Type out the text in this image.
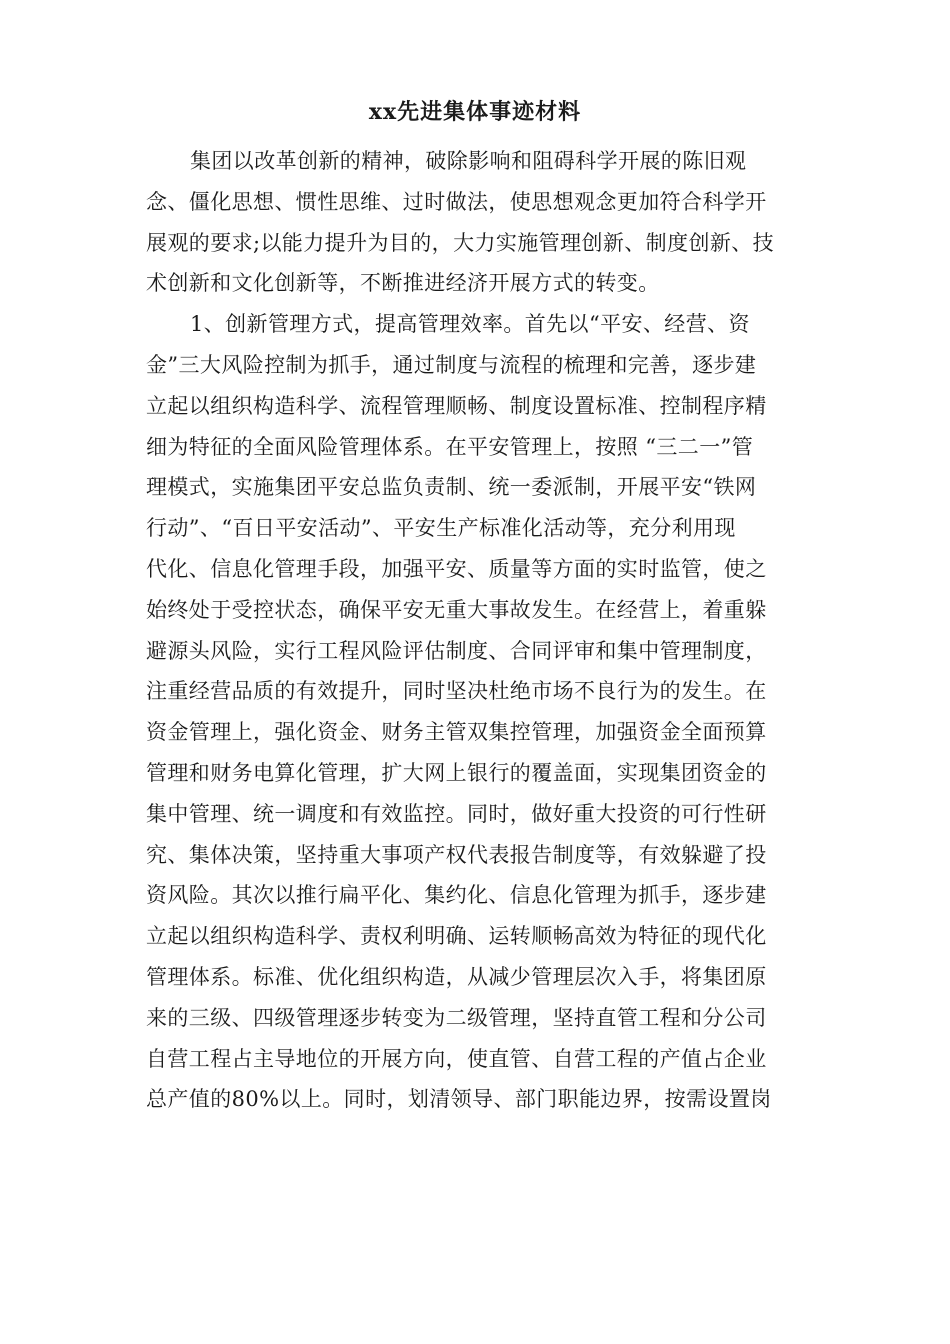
xx先进集体事迹材料
集团以改革创新的精神，破除影响和阻碍科学开展的陈旧观
念、僵化思想、惯性思维、过时做法，使思想观念更加符合科学开
展观的要求;以能力提升为目的，大力实施管理创新、制度创新、技
术创新和文化创新等，不断推进经济开展方式的转变。
1、创新管理方式，提高管理效率。首先以“平安、经营、资
金”三大风险控制为抓手，通过制度与流程的梳理和完善，逐步建
立起以组织构造科学、流程管理顺畅、制度设置标准、控制程序精
细为特征的全面风险管理体系。在平安管理上，按照 “三二一”管
理模式，实施集团平安总监负责制、统一委派制，开展平安“铁网
行动”、“百日平安活动”、平安生产标准化活动等，充分利用现
代化、信息化管理手段，加强平安、质量等方面的实时监管，使之
始终处于受控状态，确保平安无重大事故发生。在经营上，着重躲
避源头风险，实行工程风险评估制度、合同评审和集中管理制度，
注重经营品质的有效提升，同时坚决杜绝市场不良行为的发生。在
资金管理上，强化资金、财务主管双集控管理，加强资金全面预算
管理和财务电算化管理，扩大网上银行的覆盖面，实现集团资金的
集中管理、统一调度和有效监控。同时，做好重大投资的可行性研
究、集体决策，坚持重大事项产权代表报告制度等，有效躲避了投
资风险。其次以推行扁平化、集约化、信息化管理为抓手，逐步建
立起以组织构造科学、责权利明确、运转顺畅高效为特征的现代化
管理体系。标准、优化组织构造，从减少管理层次入手，将集团原
来的三级、四级管理逐步转变为二级管理，坚持直管工程和分公司
自营工程占主导地位的开展方向，使直管、自营工程的产值占企业
总产值的80%以上。同时，划清领导、部门职能边界，按需设置岗
